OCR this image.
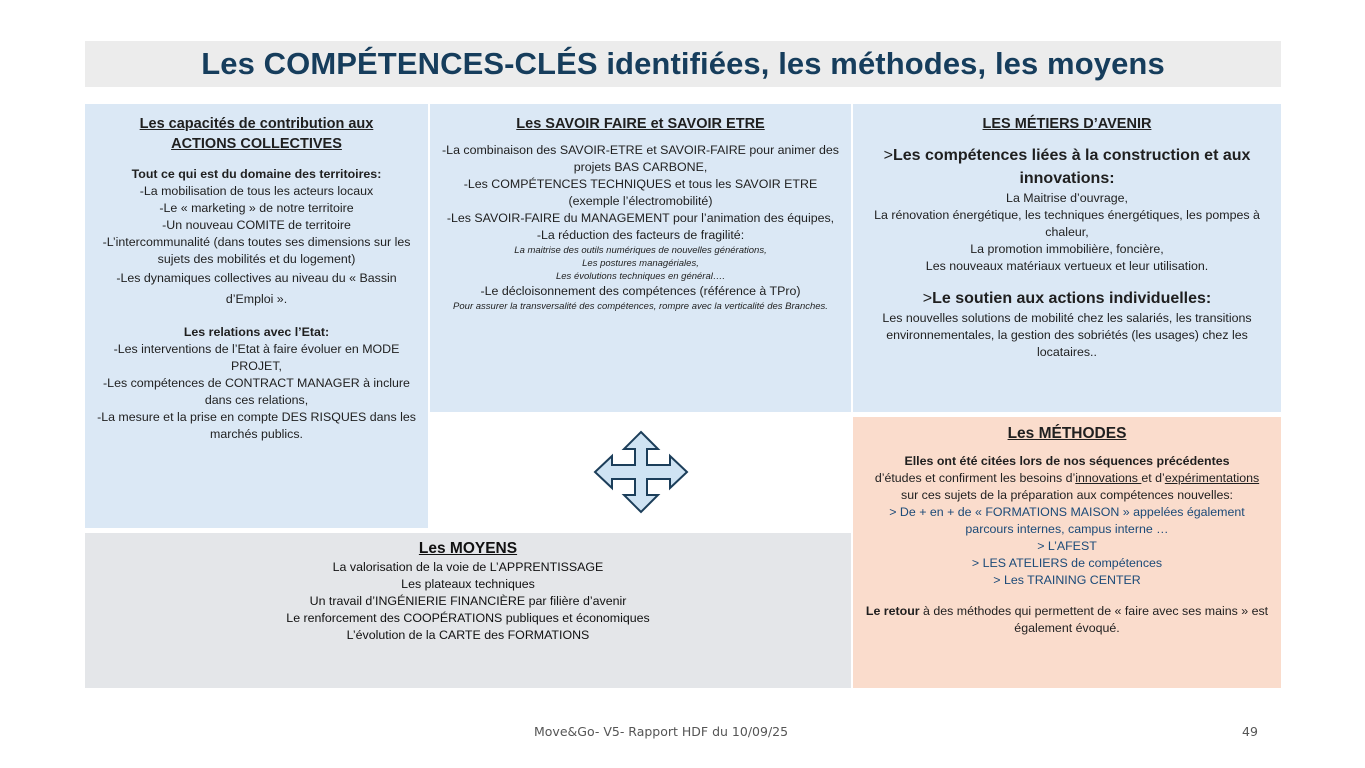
Les COMPÉTENCES-CLÉS identifiées, les méthodes, les moyens
Les capacités de contribution aux
ACTIONS COLLECTIVES
Tout ce qui est du domaine des territoires:
-La mobilisation de tous les acteurs locaux
-Le « marketing » de notre territoire
-Un nouveau COMITE de territoire
-L’intercommunalité (dans toutes ses dimensions sur les sujets des mobilités et du logement)
-Les dynamiques collectives au niveau du « Bassin d’Emploi ».
Les relations avec l’Etat:
-Les interventions de l’Etat à faire évoluer en MODE PROJET,
-Les compétences de CONTRACT MANAGER à inclure dans ces relations,
-La mesure et la prise en compte DES RISQUES dans les marchés publics.
Les SAVOIR FAIRE et SAVOIR ETRE
-La combinaison des SAVOIR-ETRE et SAVOIR-FAIRE pour animer des projets BAS CARBONE,
-Les COMPÉTENCES TECHNIQUES et tous les SAVOIR ETRE (exemple l’électromobilité)
-Les SAVOIR-FAIRE du MANAGEMENT pour l’animation des équipes,
-La réduction des facteurs de fragilité:
La maitrise des outils numériques de nouvelles générations,
Les postures managériales,
Les évolutions techniques en général….
-Le décloisonnement des compétences (référence à TPro)
Pour assurer la transversalité des compétences, rompre avec la verticalité des Branches.
LES MÉTIERS D’AVENIR
>Les compétences liées à la construction et aux innovations:
La Maitrise d’ouvrage,
La rénovation énergétique, les techniques énergétiques, les pompes à chaleur,
La promotion immobilière, foncière,
Les nouveaux matériaux vertueux et leur utilisation.
>Le soutien aux actions individuelles:
Les nouvelles solutions de mobilité chez les salariés, les transitions environnementales, la gestion des sobriétés (les usages) chez les locataires..
Les MÉTHODES
Elles ont été citées lors de nos séquences précédentes
d’études et confirment les besoins d’innovations et d’expérimentations sur ces sujets de la préparation aux compétences nouvelles:
> De + en + de « FORMATIONS MAISON » appelées également parcours internes, campus interne …
> L’AFEST
> LES ATELIERS de compétences
> Les TRAINING CENTER
Le retour à des méthodes qui permettent de « faire avec ses mains » est également évoqué.
Les MOYENS
La valorisation de la voie de L’APPRENTISSAGE
Les plateaux techniques
Un travail d’INGÉNIERIE FINANCIÈRE par filière d’avenir
Le renforcement des COOPÉRATIONS publiques et économiques
L’évolution de la CARTE des FORMATIONS
Move&Go- V5- Rapport HDF du 10/09/25	49
